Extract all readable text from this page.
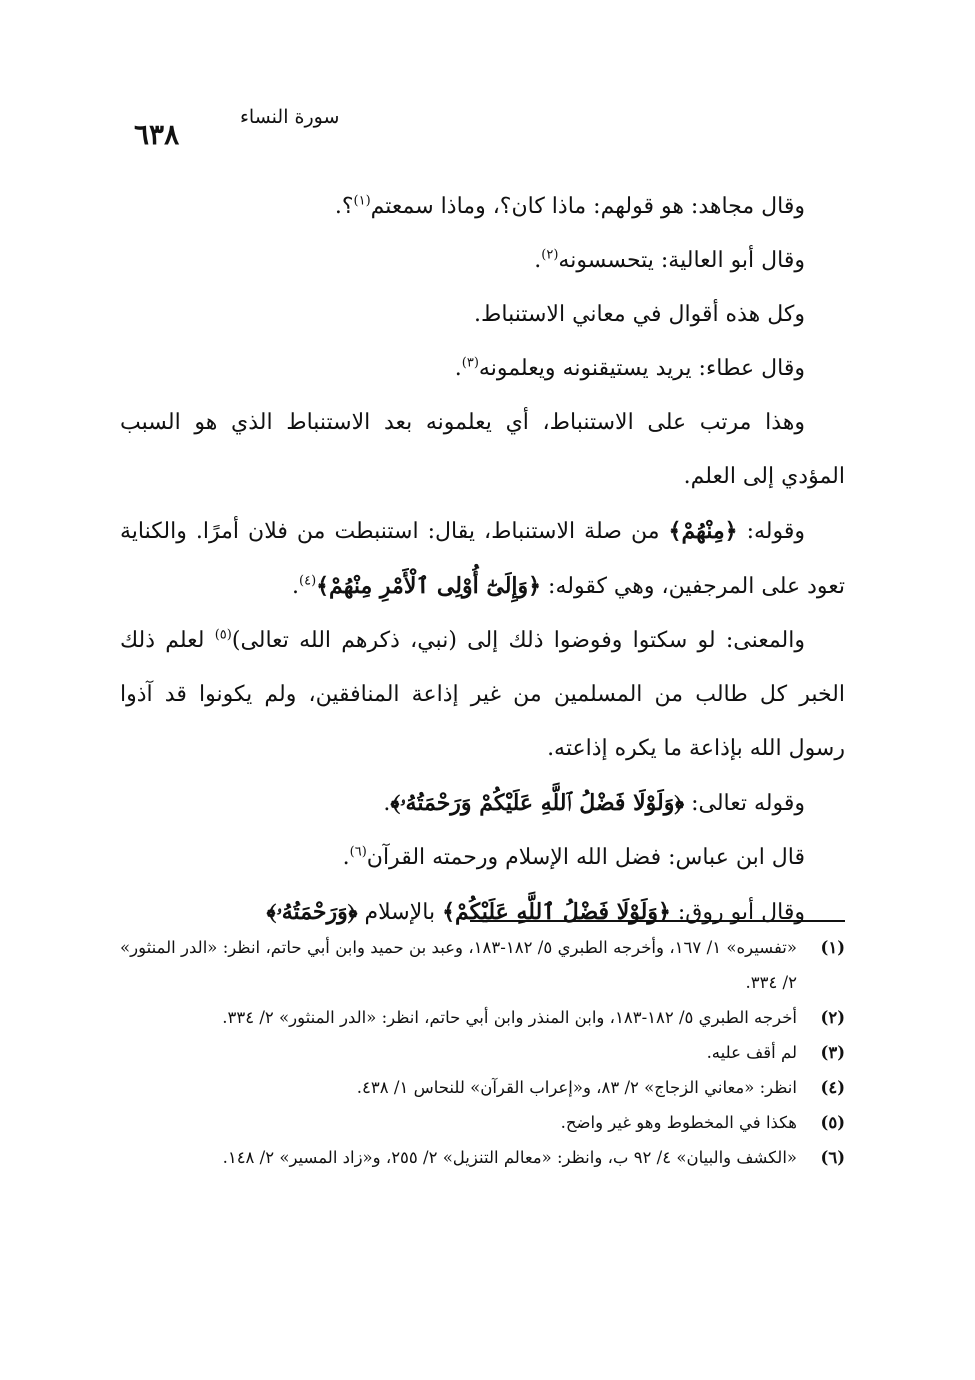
سورة النساء
٦٣٨

وقال مجاهد: هو قولهم: ماذا كان؟، وماذا سمعتم$^{(١)}$؟.

وقال أبو العالية: يتحسسونه$^{(٢)}$.

وكل هذه أقوال في معاني الاستنباط.

وقال عطاء: يريد يستيقنونه ويعلمونه$^{(٣)}$.

وهذا مرتب على الاستنباط، أي يعلمونه بعد الاستنباط الذي هو السبب المؤدي إلى العلم.

وقوله: ﴿مِنْهُمْ﴾ من صلة الاستنباط، يقال: استنبطت من فلان أمرًا. والكناية تعود على المرجفين، وهي كقوله: ﴿وَإِلَىٰٓ أُوْلِى ٱلْأَمْرِ مِنْهُمْ﴾$^{(٤)}$.

والمعنى: لو سكتوا وفوضوا ذلك إلى (نبي، ذكرهم الله تعالى)$^{(٥)}$ لعلم ذلك الخبر كل طالب من المسلمين من غير إذاعة المنافقين، ولم يكونوا قد آذوا رسول الله بإذاعة ما يكره إذاعته.

وقوله تعالى: ﴿وَلَوْلَا فَضْلُ ٱللَّهِ عَلَيْكُمْ وَرَحْمَتُهُۥ﴾.

قال ابن عباس: فضل الله الإسلام ورحمته القرآن$^{(٦)}$.

وقال أبو روق: ﴿وَلَوْلَا فَضْلُ ٱللَّهِ عَلَيْكُمْ﴾ بالإسلام ﴿وَرَحْمَتُهُۥ﴾

(١)
«تفسيره» ١/ ١٦٧، وأخرجه الطبري ٥/ ١٨٢-١٨٣، وعبد بن حميد وابن أبي حاتم، انظر: «الدر المنثور» ٢/ ٣٣٤.
(٢)
أخرجه الطبري ٥/ ١٨٢-١٨٣، وابن المنذر وابن أبي حاتم، انظر: «الدر المنثور» ٢/ ٣٣٤.
(٣)
لم أقف عليه.
(٤)
انظر: «معاني الزجاج» ٢/ ٨٣، و«إعراب القرآن» للنحاس ١/ ٤٣٨.
(٥)
هكذا في المخطوط وهو غير واضح.
(٦)
«الكشف والبيان» ٤/ ٩٢ ب، وانظر: «معالم التنزيل» ٢/ ٢٥٥، و«زاد المسير» ٢/ ١٤٨.
